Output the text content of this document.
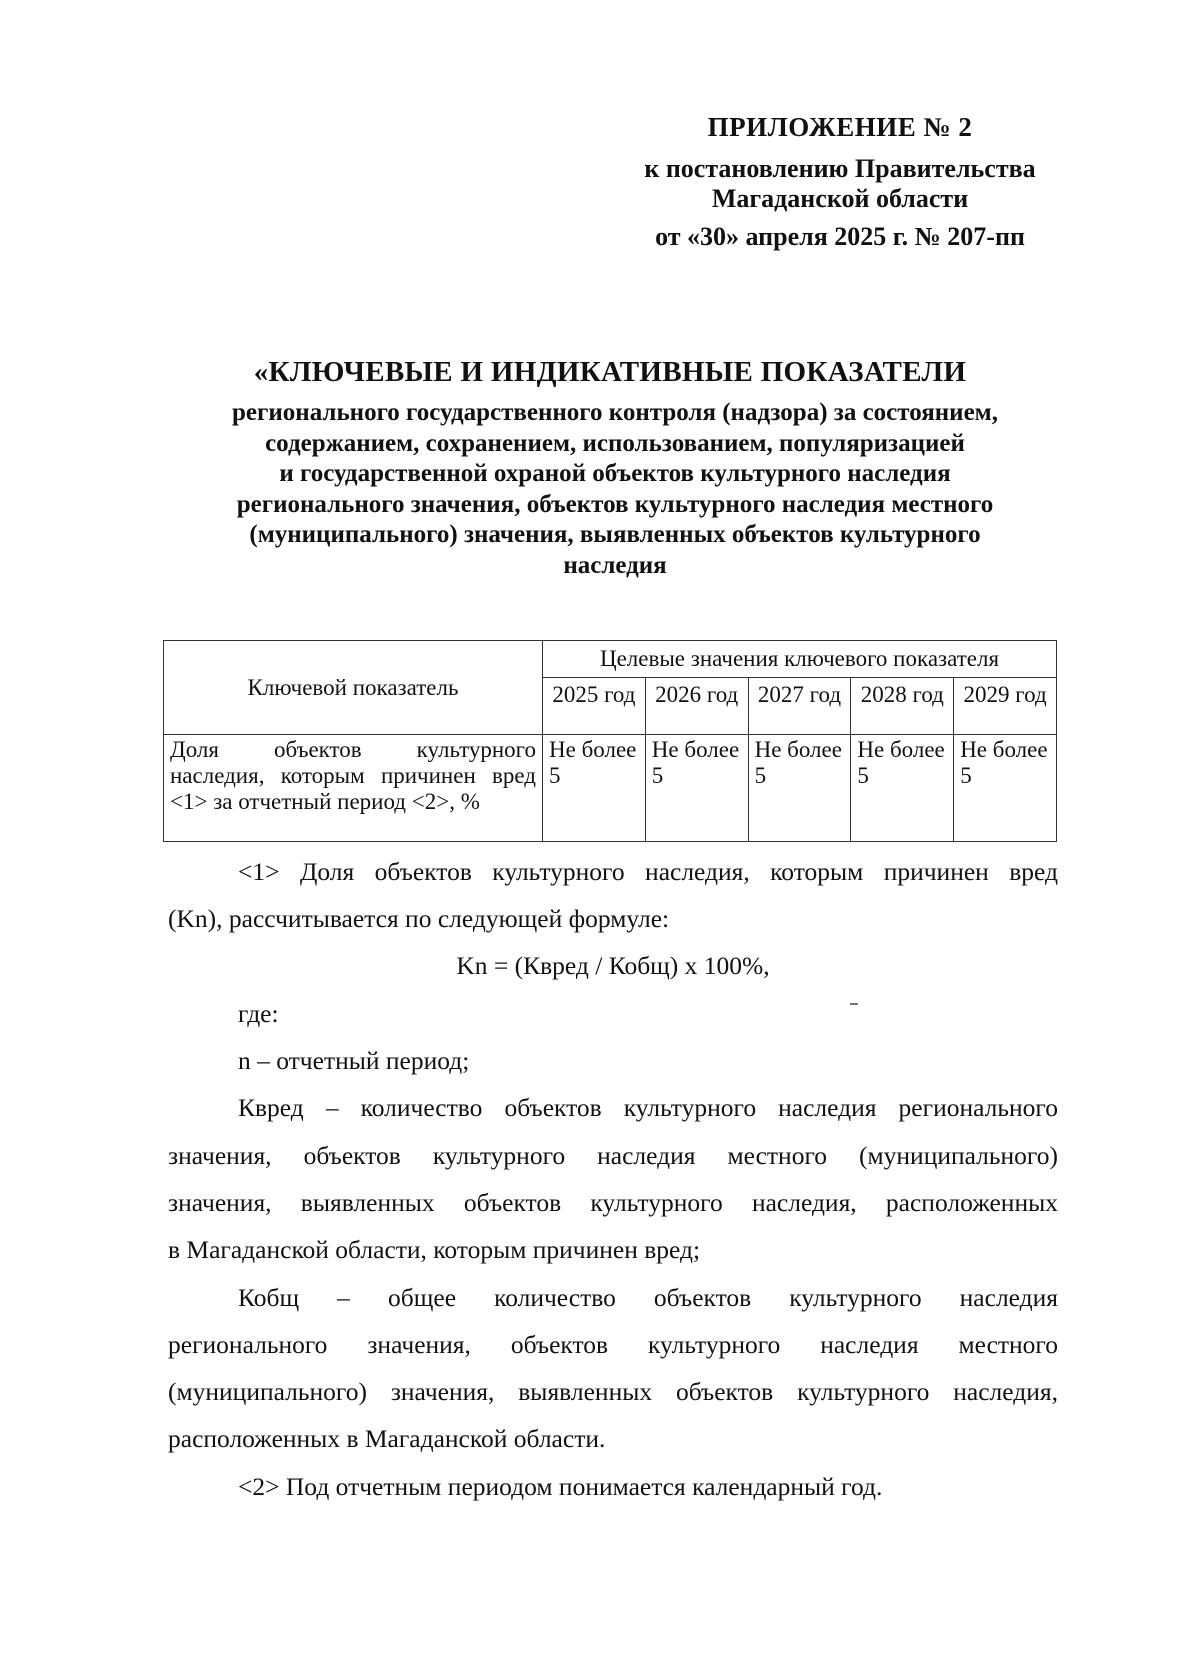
ПРИЛОЖЕНИЕ № 2
к постановлению Правительства
Магаданской области
от «30» апреля 2025 г. № 207-пп
«КЛЮЧЕВЫЕ И ИНДИКАТИВНЫЕ ПОКАЗАТЕЛИ
регионального государственного контроля (надзора) за состоянием,
содержанием, сохранением, использованием, популяризацией
и государственной охраной объектов культурного наследия
регионального значения, объектов культурного наследия местного
(муниципального) значения, выявленных объектов культурного
наследия
Ключевой показатель	Целевые значения ключевого показателя				
	2025 год	2026 год	2027 год	2028 год	2029 год
Доля объектов культурного наследия, которым причинен вред <1> за отчетный период <2>, %	Не более 5	Не более 5	Не более 5	Не более 5	Не более 5
<1> Доля объектов культурного наследия, которым причинен вред
(Kn), рассчитывается по следующей формуле:
Kn = (Квред / Кобщ) х 100%,
где:
n – отчетный период;
Квред – количество объектов культурного наследия регионального
значения, объектов культурного наследия местного (муниципального)
значения, выявленных объектов культурного наследия, расположенных
в Магаданской области, которым причинен вред;
Кобщ – общее количество объектов культурного наследия
регионального значения, объектов культурного наследия местного
(муниципального) значения, выявленных объектов культурного наследия,
расположенных в Магаданской области.
<2> Под отчетным периодом понимается календарный год.
